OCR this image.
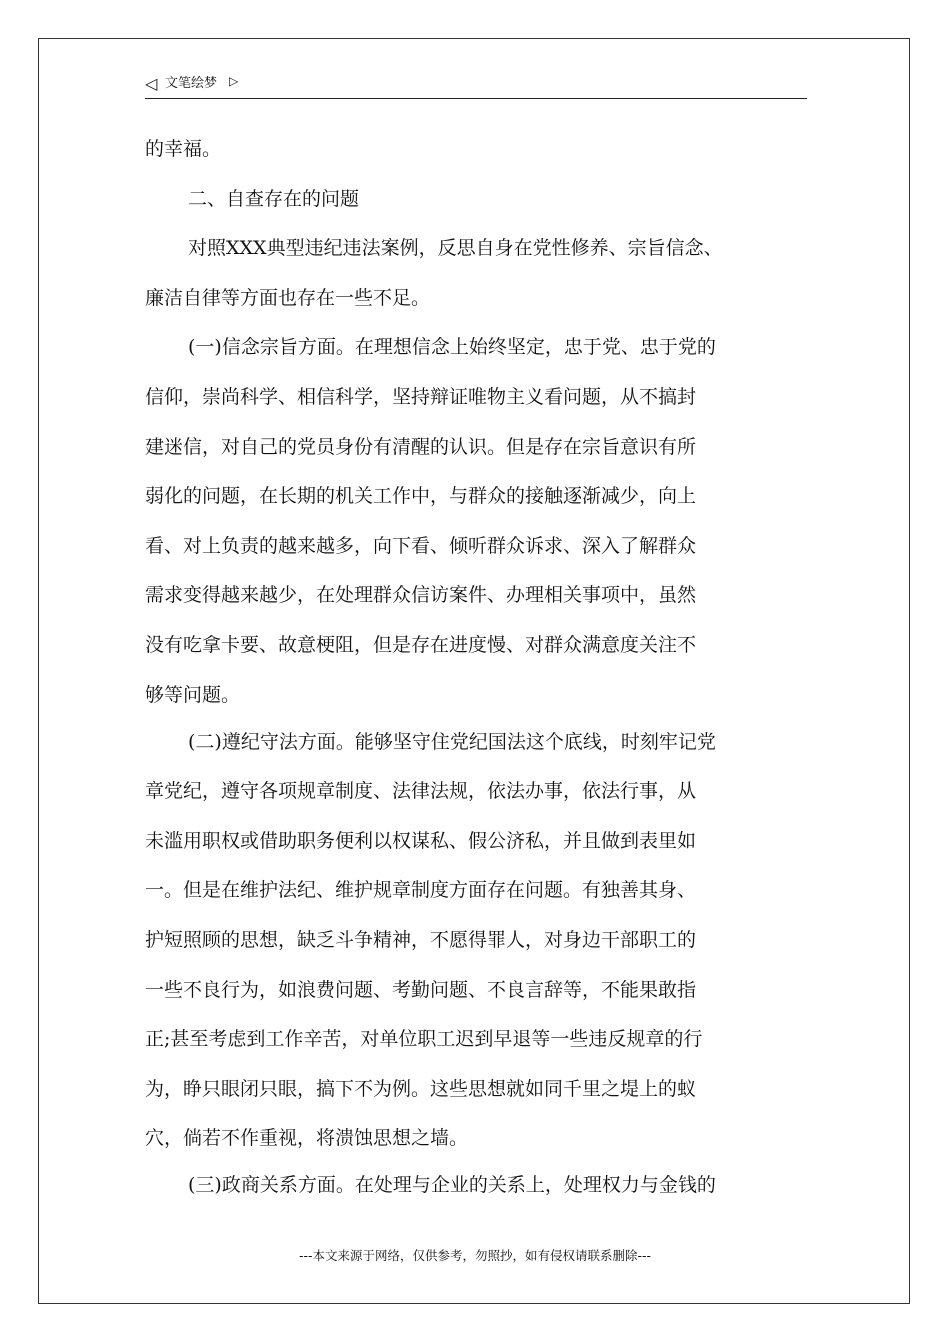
◁ 文笔绘梦 ▷
的幸福。
二、自查存在的问题
对照XXX典型违纪违法案例，反思自身在党性修养、宗旨信念、
廉洁自律等方面也存在一些不足。
(一)信念宗旨方面。在理想信念上始终坚定，忠于党、忠于党的
信仰，崇尚科学、相信科学，坚持辩证唯物主义看问题，从不搞封
建迷信，对自己的党员身份有清醒的认识。但是存在宗旨意识有所
弱化的问题，在长期的机关工作中，与群众的接触逐渐减少，向上
看、对上负责的越来越多，向下看、倾听群众诉求、深入了解群众
需求变得越来越少，在处理群众信访案件、办理相关事项中，虽然
没有吃拿卡要、故意梗阻，但是存在进度慢、对群众满意度关注不
够等问题。
(二)遵纪守法方面。能够坚守住党纪国法这个底线，时刻牢记党
章党纪，遵守各项规章制度、法律法规，依法办事，依法行事，从
未滥用职权或借助职务便利以权谋私、假公济私，并且做到表里如
一。但是在维护法纪、维护规章制度方面存在问题。有独善其身、
护短照顾的思想，缺乏斗争精神，不愿得罪人，对身边干部职工的
一些不良行为，如浪费问题、考勤问题、不良言辞等，不能果敢指
正;甚至考虑到工作辛苦，对单位职工迟到早退等一些违反规章的行
为，睁只眼闭只眼，搞下不为例。这些思想就如同千里之堤上的蚁
穴，倘若不作重视，将溃蚀思想之墙。
(三)政商关系方面。在处理与企业的关系上，处理权力与金钱的
---本文来源于网络，仅供参考，勿照抄，如有侵权请联系删除---
